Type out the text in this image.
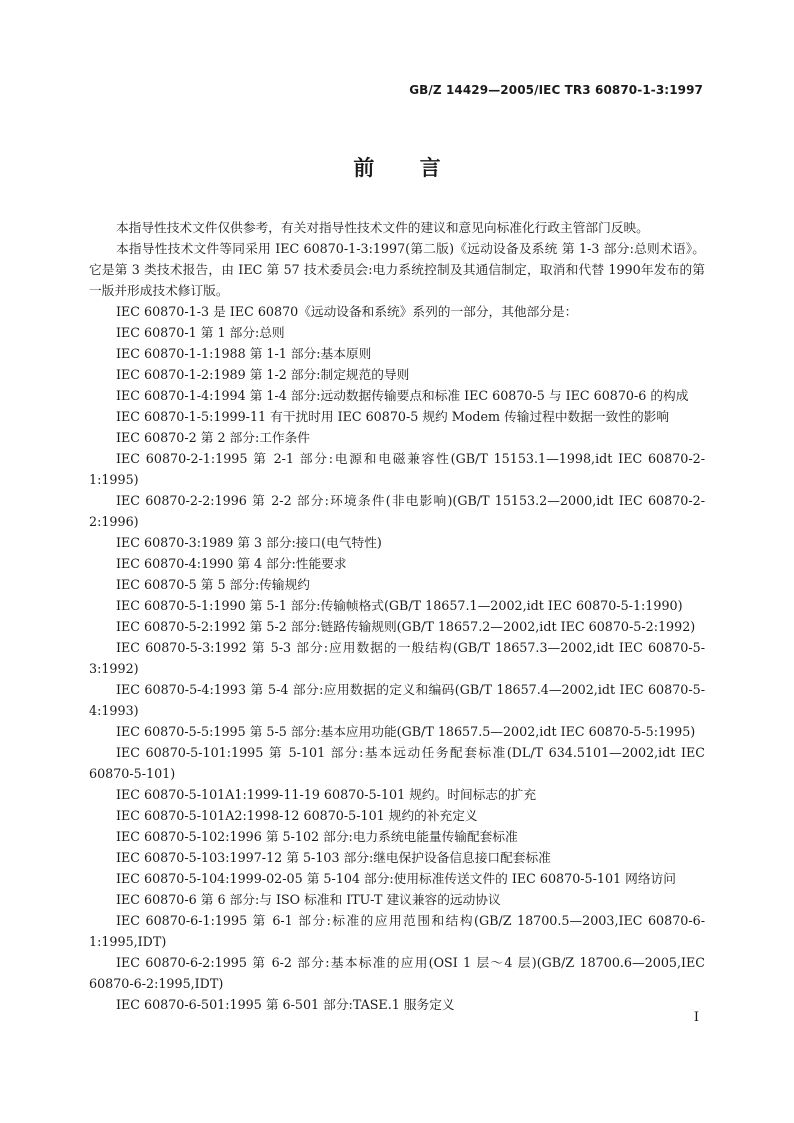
GB/Z 14429—2005/IEC TR3 60870-1-3:1997
前 言

本指导性技术文件仅供参考，有关对指导性技术文件的建议和意见向标准化行政主管部门反映。

本指导性技术文件等同采用 IEC 60870-1-3:1997(第二版)《远动设备及系统 第 1-3 部分:总则术语》。它是第 3 类技术报告，由 IEC 第 57 技术委员会:电力系统控制及其通信制定，取消和代替 1990年发布的第一版并形成技术修订版。

IEC 60870-1-3 是 IEC 60870《远动设备和系统》系列的一部分，其他部分是：

IEC 60870-1 第 1 部分:总则

IEC 60870-1-1:1988 第 1-1 部分:基本原则

IEC 60870-1-2:1989 第 1-2 部分:制定规范的导则

IEC 60870-1-4:1994 第 1-4 部分:远动数据传输要点和标准 IEC 60870-5 与 IEC 60870-6 的构成

IEC 60870-1-5:1999-11 有干扰时用 IEC 60870-5 规约 Modem 传输过程中数据一致性的影响

IEC 60870-2 第 2 部分:工作条件

IEC 60870-2-1:1995 第 2-1 部分:电源和电磁兼容性(GB/T 15153.1—1998,idt IEC 60870-2-1:1995)

IEC 60870-2-2:1996 第 2-2 部分:环境条件(非电影响)(GB/T 15153.2—2000,idt IEC 60870-2-2:1996)

IEC 60870-3:1989 第 3 部分:接口(电气特性)

IEC 60870-4:1990 第 4 部分:性能要求

IEC 60870-5 第 5 部分:传输规约

IEC 60870-5-1:1990 第 5-1 部分:传输帧格式(GB/T 18657.1—2002,idt IEC 60870-5-1:1990)

IEC 60870-5-2:1992 第 5-2 部分:链路传输规则(GB/T 18657.2—2002,idt IEC 60870-5-2:1992)

IEC 60870-5-3:1992 第 5-3 部分:应用数据的一般结构(GB/T 18657.3—2002,idt IEC 60870-5-3:1992)

IEC 60870-5-4:1993 第 5-4 部分:应用数据的定义和编码(GB/T 18657.4—2002,idt IEC 60870-5-4:1993)

IEC 60870-5-5:1995 第 5-5 部分:基本应用功能(GB/T 18657.5—2002,idt IEC 60870-5-5:1995)

IEC 60870-5-101:1995 第 5-101 部分:基本远动任务配套标准(DL/T 634.5101—2002,idt IEC 60870-5-101)

IEC 60870-5-101A1:1999-11-19 60870-5-101 规约。时间标志的扩充

IEC 60870-5-101A2:1998-12 60870-5-101 规约的补充定义

IEC 60870-5-102:1996 第 5-102 部分:电力系统电能量传输配套标准

IEC 60870-5-103:1997-12 第 5-103 部分:继电保护设备信息接口配套标准

IEC 60870-5-104:1999-02-05 第 5-104 部分:使用标准传送文件的 IEC 60870-5-101 网络访问

IEC 60870-6 第 6 部分:与 ISO 标准和 ITU-T 建议兼容的远动协议

IEC 60870-6-1:1995 第 6-1 部分:标准的应用范围和结构(GB/Z 18700.5—2003,IEC 60870-6-1:1995,IDT)

IEC 60870-6-2:1995 第 6-2 部分:基本标准的应用(OSI 1 层～4 层)(GB/Z 18700.6—2005,IEC 60870-6-2:1995,IDT)

IEC 60870-6-501:1995 第 6-501 部分:TASE.1 服务定义

I
